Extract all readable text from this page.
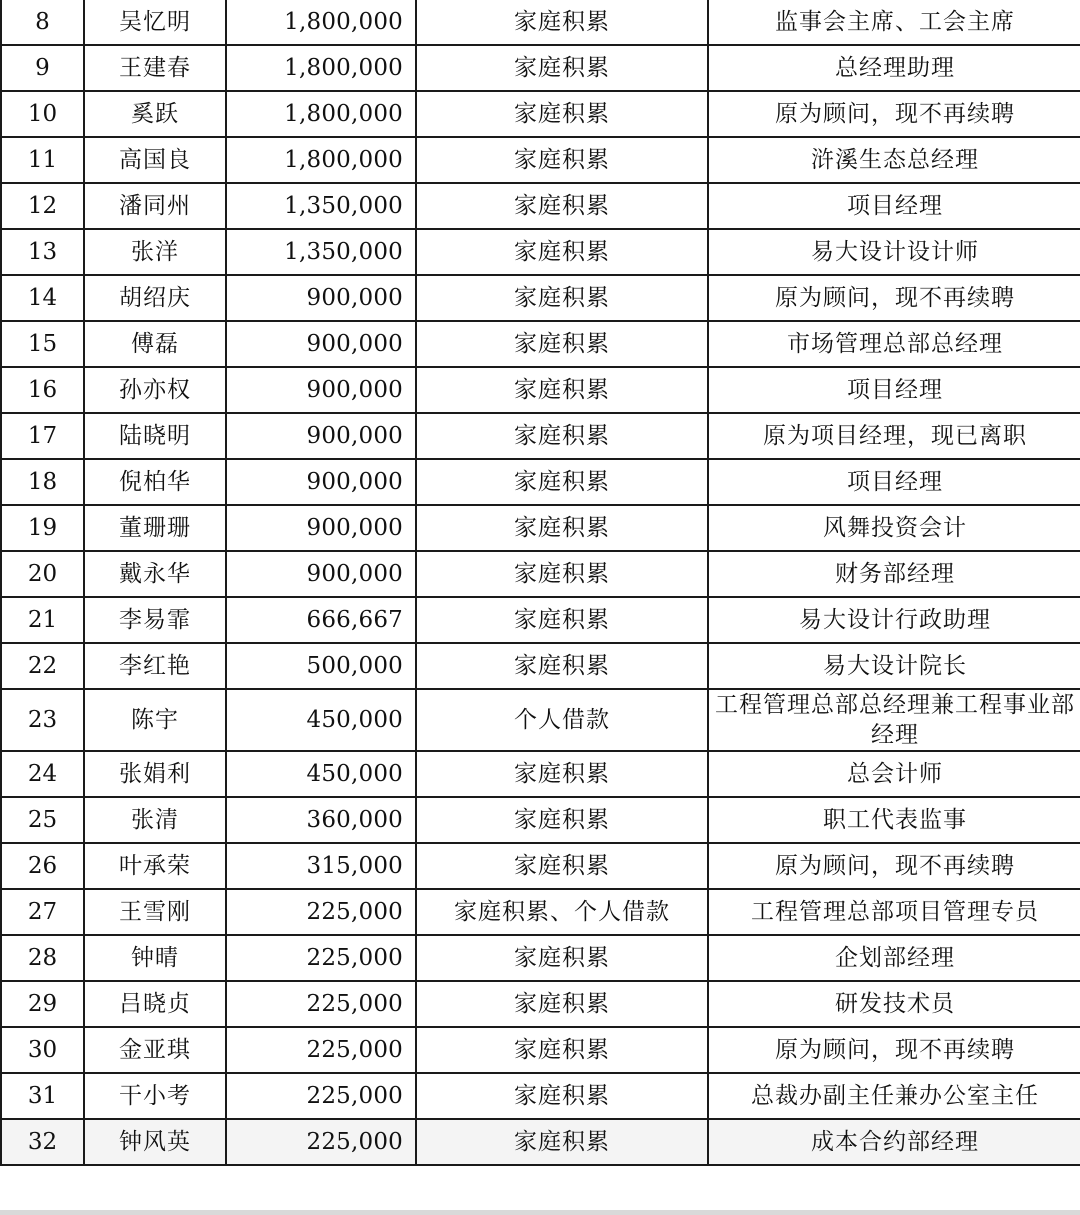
8	吴忆明	1,800,000	家庭积累	监事会主席、工会主席
9	王建春	1,800,000	家庭积累	总经理助理
10	奚跃	1,800,000	家庭积累	原为顾问，现不再续聘
11	高国良	1,800,000	家庭积累	浒溪生态总经理
12	潘同州	1,350,000	家庭积累	项目经理
13	张洋	1,350,000	家庭积累	易大设计设计师
14	胡绍庆	900,000	家庭积累	原为顾问，现不再续聘
15	傅磊	900,000	家庭积累	市场管理总部总经理
16	孙亦权	900,000	家庭积累	项目经理
17	陆晓明	900,000	家庭积累	原为项目经理，现已离职
18	倪柏华	900,000	家庭积累	项目经理
19	董珊珊	900,000	家庭积累	风舞投资会计
20	戴永华	900,000	家庭积累	财务部经理
21	李易霏	666,667	家庭积累	易大设计行政助理
22	李红艳	500,000	家庭积累	易大设计院长
23	陈宇	450,000	个人借款	工程管理总部总经理兼工程事业部经理
24	张娟利	450,000	家庭积累	总会计师
25	张清	360,000	家庭积累	职工代表监事
26	叶承荣	315,000	家庭积累	原为顾问，现不再续聘
27	王雪刚	225,000	家庭积累、个人借款	工程管理总部项目管理专员
28	钟晴	225,000	家庭积累	企划部经理
29	吕晓贞	225,000	家庭积累	研发技术员
30	金亚琪	225,000	家庭积累	原为顾问，现不再续聘
31	干小考	225,000	家庭积累	总裁办副主任兼办公室主任
32	钟风英	225,000	家庭积累	成本合约部经理
